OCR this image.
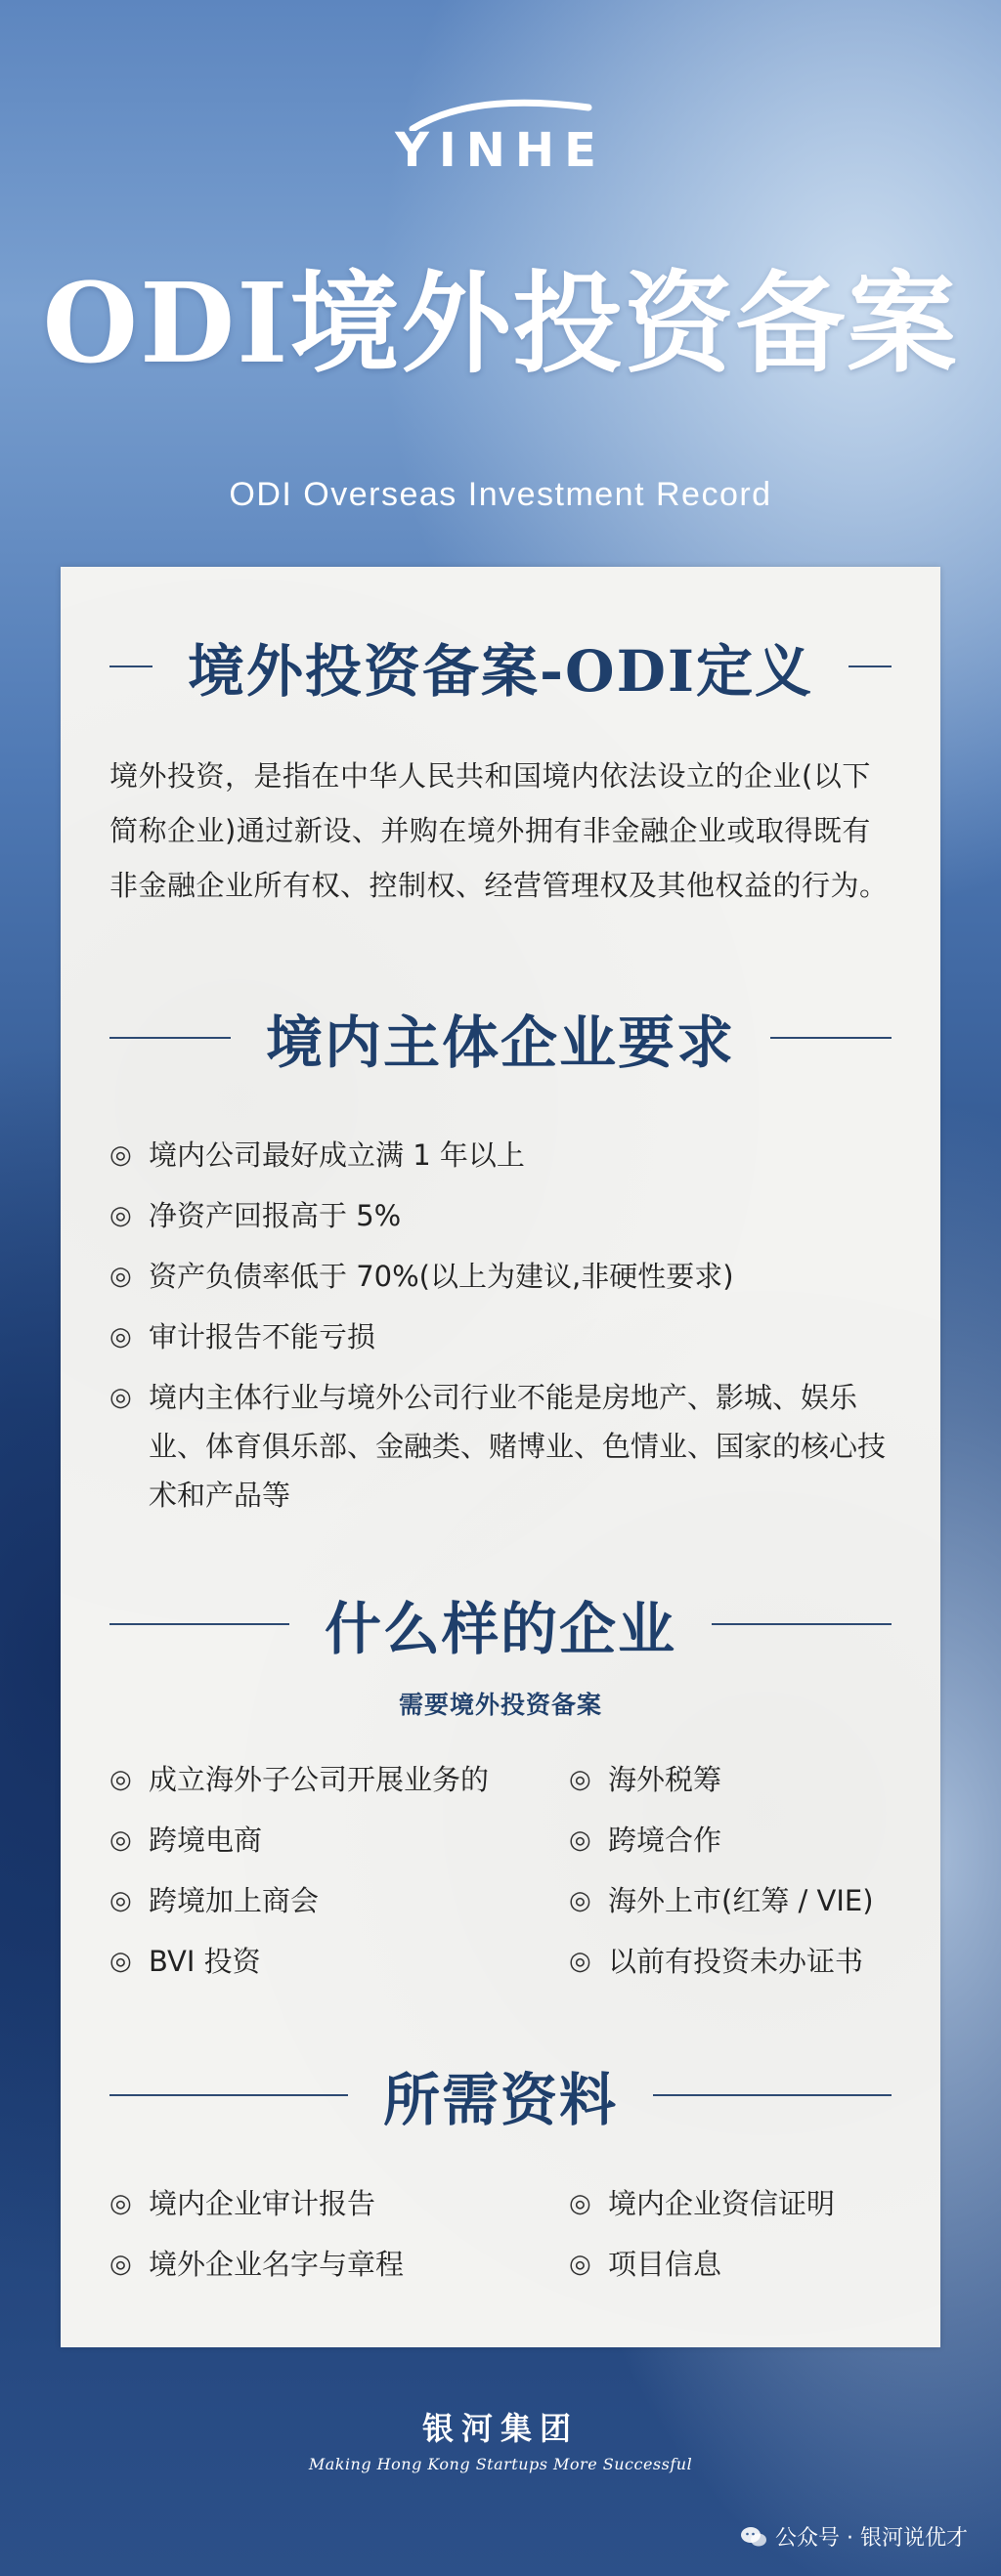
YINHE
ODI境外投资备案
ODI Overseas Investment Record
境外投资备案-ODI定义
境外投资，是指在中华人民共和国境内依法设立的企业(以下简称企业)通过新设、并购在境外拥有非金融企业或取得既有非金融企业所有权、控制权、经营管理权及其他权益的行为。
境内主体企业要求
◎ 境内公司最好成立满 1 年以上
◎ 净资产回报高于 5%
◎ 资产负债率低于 70%(以上为建议,非硬性要求)
◎ 审计报告不能亏损
◎ 境内主体行业与境外公司行业不能是房地产、影城、娱乐业、体育俱乐部、金融类、赌博业、色情业、国家的核心技术和产品等
什么样的企业
需要境外投资备案
◎ 成立海外子公司开展业务的	◎ 海外税筹
◎ 跨境电商	◎ 跨境合作
◎ 跨境加上商会	◎ 海外上市(红筹 / VIE)
◎ BVI 投资	◎ 以前有投资未办证书
所需资料
◎ 境内企业审计报告	◎ 境内企业资信证明
◎ 境外企业名字与章程	◎ 项目信息
银河集团
Making Hong Kong Startups More Successful
公众号 · 银河说优才
